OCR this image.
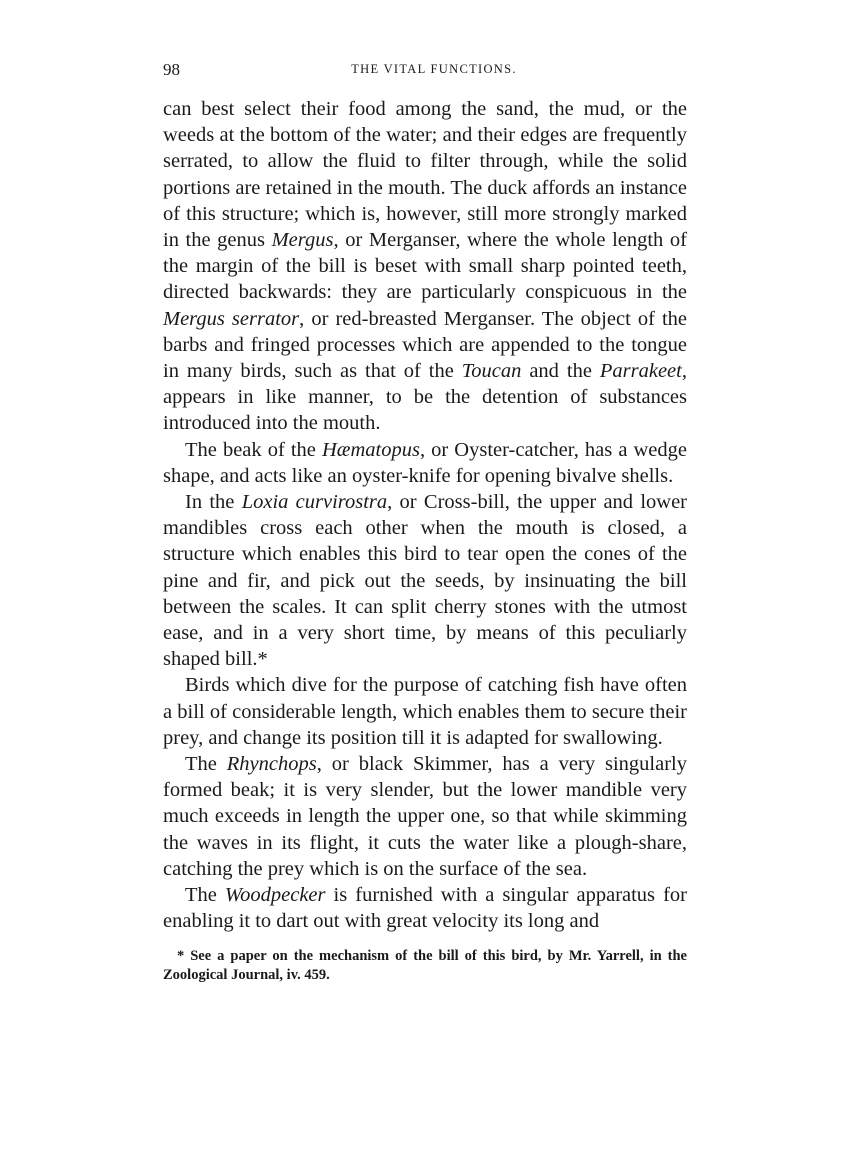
98	THE VITAL FUNCTIONS.

can best select their food among the sand, the mud, or the weeds at the bottom of the water; and their edges are frequently serrated, to allow the fluid to filter through, while the solid portions are retained in the mouth. The duck affords an instance of this structure; which is, however, still more strongly marked in the genus Mergus, or Merganser, where the whole length of the margin of the bill is beset with small sharp pointed teeth, directed backwards: they are particularly conspicuous in the Mergus serrator, or red-breasted Merganser. The object of the barbs and fringed processes which are appended to the tongue in many birds, such as that of the Toucan and the Parrakeet, appears in like manner, to be the detention of substances introduced into the mouth.

The beak of the Hæmatopus, or Oyster-catcher, has a wedge shape, and acts like an oyster-knife for opening bivalve shells.

In the Loxia curvirostra, or Cross-bill, the upper and lower mandibles cross each other when the mouth is closed, a structure which enables this bird to tear open the cones of the pine and fir, and pick out the seeds, by insinuating the bill between the scales. It can split cherry stones with the utmost ease, and in a very short time, by means of this peculiarly shaped bill.*

Birds which dive for the purpose of catching fish have often a bill of considerable length, which enables them to secure their prey, and change its position till it is adapted for swallowing.

The Rhynchops, or black Skimmer, has a very singularly formed beak; it is very slender, but the lower mandible very much exceeds in length the upper one, so that while skimming the waves in its flight, it cuts the water like a plough-share, catching the prey which is on the surface of the sea.

The Woodpecker is furnished with a singular apparatus for enabling it to dart out with great velocity its long and

* See a paper on the mechanism of the bill of this bird, by Mr. Yarrell, in the Zoological Journal, iv. 459.
